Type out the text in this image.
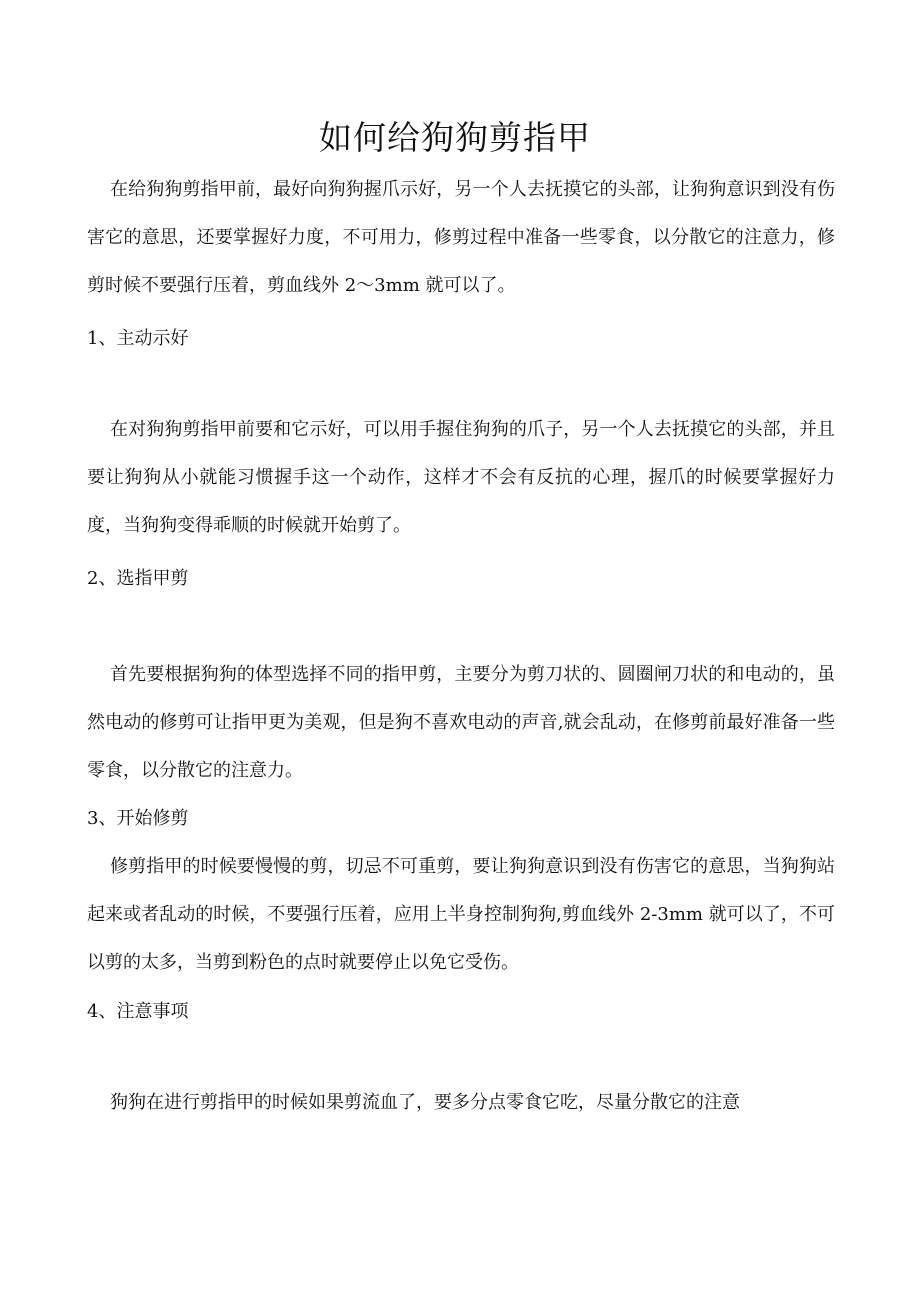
如何给狗狗剪指甲

在给狗狗剪指甲前，最好向狗狗握爪示好，另一个人去抚摸它的头部，让狗狗意识到没有伤害它的意思，还要掌握好力度，不可用力，修剪过程中准备一些零食，以分散它的注意力，修剪时候不要强行压着，剪血线外 2～3mm 就可以了。

1、主动示好

在对狗狗剪指甲前要和它示好，可以用手握住狗狗的爪子，另一个人去抚摸它的头部，并且要让狗狗从小就能习惯握手这一个动作，这样才不会有反抗的心理，握爪的时候要掌握好力度，当狗狗变得乖顺的时候就开始剪了。

2、选指甲剪

首先要根据狗狗的体型选择不同的指甲剪，主要分为剪刀状的、圆圈闸刀状的和电动的，虽然电动的修剪可让指甲更为美观，但是狗不喜欢电动的声音,就会乱动，在修剪前最好准备一些零食，以分散它的注意力。

3、开始修剪

修剪指甲的时候要慢慢的剪，切忌不可重剪，要让狗狗意识到没有伤害它的意思，当狗狗站起来或者乱动的时候，不要强行压着，应用上半身控制狗狗,剪血线外 2-3mm 就可以了，不可以剪的太多，当剪到粉色的点时就要停止以免它受伤。

4、注意事项

狗狗在进行剪指甲的时候如果剪流血了，要多分点零食它吃，尽量分散它的注意
